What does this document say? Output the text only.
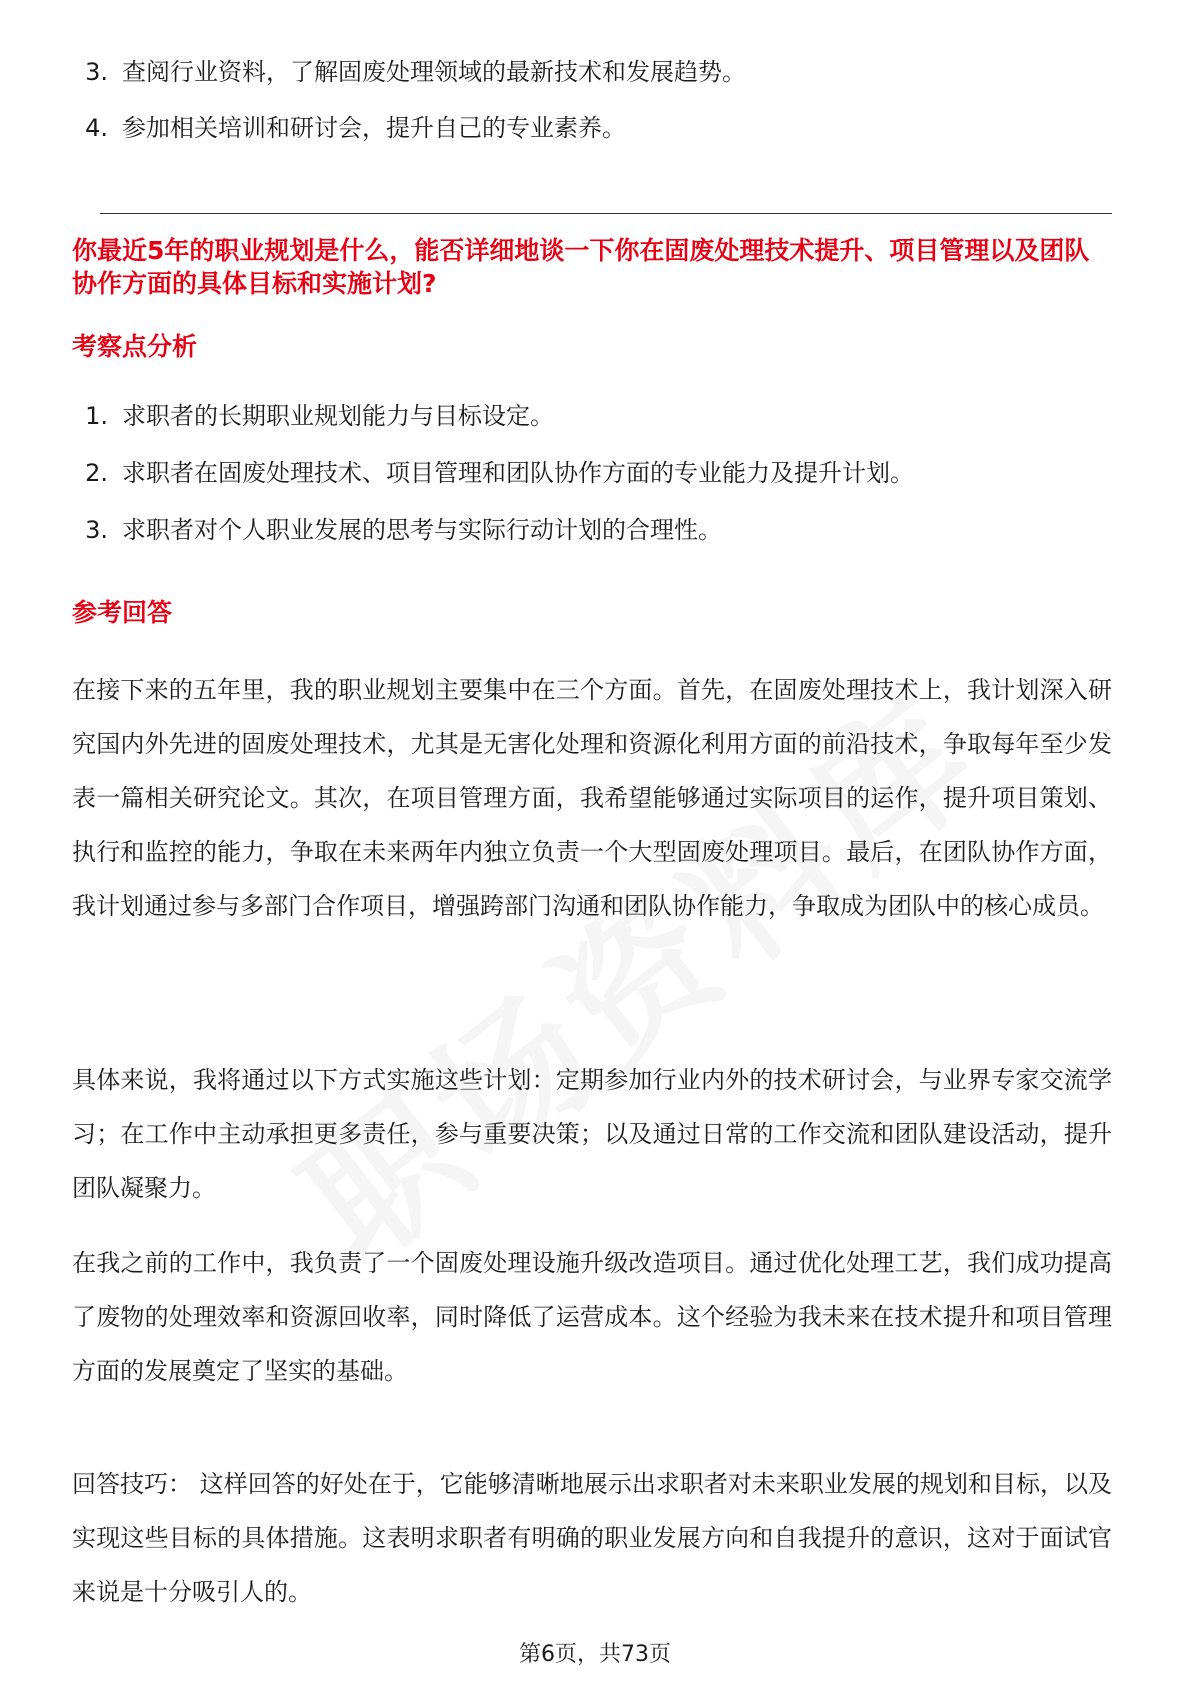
3. 查阅行业资料，了解固废处理领域的最新技术和发展趋势。
4. 参加相关培训和研讨会，提升自己的专业素养。

你最近5年的职业规划是什么，能否详细地谈一下你在固废处理技术提升、项目管理以及团队协作方面的具体目标和实施计划?

考察点分析
1. 求职者的长期职业规划能力与目标设定。
2. 求职者在固废处理技术、项目管理和团队协作方面的专业能力及提升计划。
3. 求职者对个人职业发展的思考与实际行动计划的合理性。
参考回答

在接下来的五年里，我的职业规划主要集中在三个方面。首先，在固废处理技术上，我计划深入研究国内外先进的固废处理技术，尤其是无害化处理和资源化利用方面的前沿技术，争取每年至少发表一篇相关研究论文。其次，在项目管理方面，我希望能够通过实际项目的运作，提升项目策划、执行和监控的能力，争取在未来两年内独立负责一个大型固废处理项目。最后，在团队协作方面，我计划通过参与多部门合作项目，增强跨部门沟通和团队协作能力，争取成为团队中的核心成员。

具体来说，我将通过以下方式实施这些计划：定期参加行业内外的技术研讨会，与业界专家交流学习；在工作中主动承担更多责任，参与重要决策；以及通过日常的工作交流和团队建设活动，提升团队凝聚力。

在我之前的工作中，我负责了一个固废处理设施升级改造项目。通过优化处理工艺，我们成功提高了废物的处理效率和资源回收率，同时降低了运营成本。这个经验为我未来在技术提升和项目管理方面的发展奠定了坚实的基础。

回答技巧： 这样回答的好处在于，它能够清晰地展示出求职者对未来职业发展的规划和目标，以及实现这些目标的具体措施。这表明求职者有明确的职业发展方向和自我提升的意识，这对于面试官来说是十分吸引人的。

第6页，共73页
